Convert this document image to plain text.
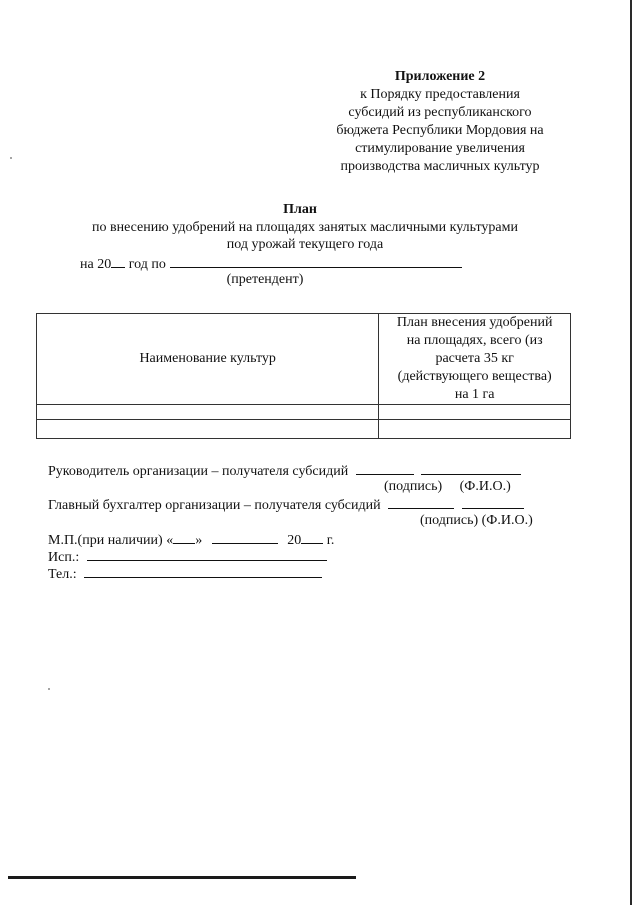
Приложение 2
к Порядку предоставления
субсидий из республиканского
бюджета Республики Мордовия на
стимулирование увеличения
производства масличных культур
План
по внесению удобрений на площадях занятых масличными культурами
под урожай текущего года
на 20 год по
(претендент)
Наименование культур	План внесения удобрений
на площадях, всего (из
расчета 35 кг
(действующего вещества)
на 1 га

Руководитель организации – получателя субсидий
(подпись) (Ф.И.О.)
Главный бухгалтер организации – получателя субсидий
(подпись) (Ф.И.О.)
М.П.(при наличии) « »	20 г.
Исп.:
Тел.:
